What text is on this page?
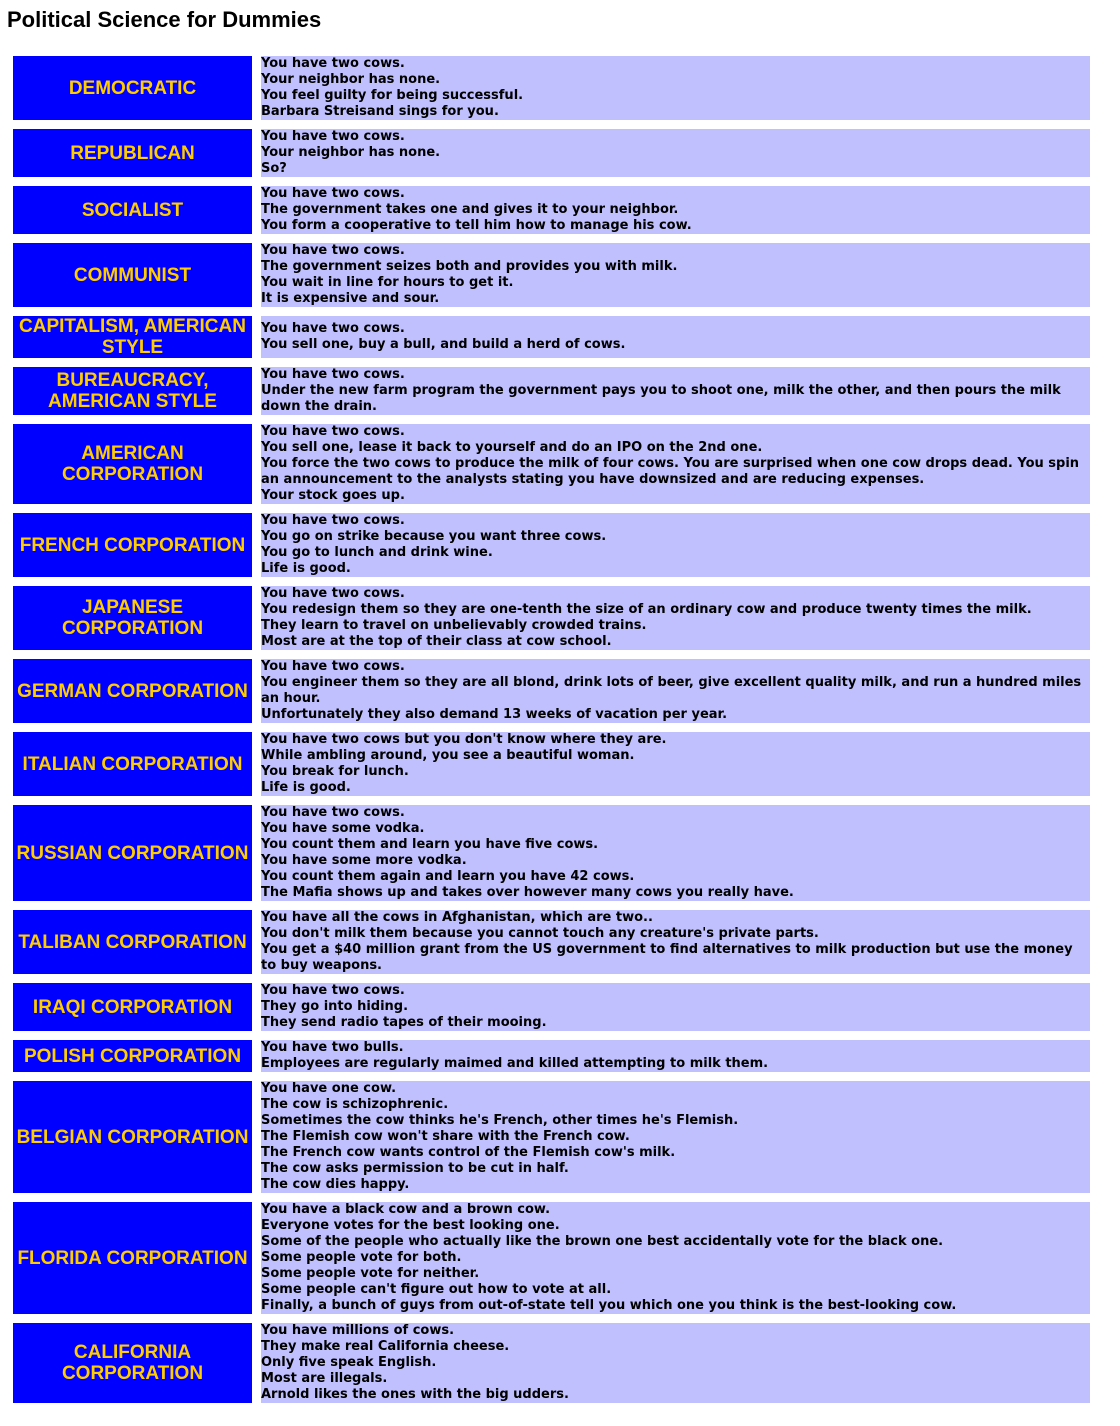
Political Science for Dummies
DEMOCRATIC
You have two cows.
Your neighbor has none.
You feel guilty for being successful.
Barbara Streisand sings for you.
REPUBLICAN
You have two cows.
Your neighbor has none.
So?
SOCIALIST
You have two cows.
The government takes one and gives it to your neighbor.
You form a cooperative to tell him how to manage his cow.
COMMUNIST
You have two cows.
The government seizes both and provides you with milk.
You wait in line for hours to get it.
It is expensive and sour.
CAPITALISM, AMERICAN STYLE
You have two cows.
You sell one, buy a bull, and build a herd of cows.
BUREAUCRACY, AMERICAN STYLE
You have two cows.
Under the new farm program the government pays you to shoot one, milk the other, and then pours the milk down the drain.
AMERICAN CORPORATION
You have two cows.
You sell one, lease it back to yourself and do an IPO on the 2nd one.
You force the two cows to produce the milk of four cows. You are surprised when one cow drops dead. You spin an announcement to the analysts stating you have downsized and are reducing expenses.
Your stock goes up.
FRENCH CORPORATION
You have two cows.
You go on strike because you want three cows.
You go to lunch and drink wine.
Life is good.
JAPANESE CORPORATION
You have two cows.
You redesign them so they are one-tenth the size of an ordinary cow and produce twenty times the milk.
They learn to travel on unbelievably crowded trains.
Most are at the top of their class at cow school.
GERMAN CORPORATION
You have two cows.
You engineer them so they are all blond, drink lots of beer, give excellent quality milk, and run a hundred miles an hour.
Unfortunately they also demand 13 weeks of vacation per year.
ITALIAN CORPORATION
You have two cows but you don't know where they are.
While ambling around, you see a beautiful woman.
You break for lunch.
Life is good.
RUSSIAN CORPORATION
You have two cows.
You have some vodka.
You count them and learn you have five cows.
You have some more vodka.
You count them again and learn you have 42 cows.
The Mafia shows up and takes over however many cows you really have.
TALIBAN CORPORATION
You have all the cows in Afghanistan, which are two..
You don't milk them because you cannot touch any creature's private parts.
You get a $40 million grant from the US government to find alternatives to milk production but use the money to buy weapons.
IRAQI CORPORATION
You have two cows.
They go into hiding.
They send radio tapes of their mooing.
POLISH CORPORATION You have two bulls.
Employees are regularly maimed and killed attempting to milk them.
BELGIAN CORPORATION
You have one cow.
The cow is schizophrenic.
Sometimes the cow thinks he's French, other times he's Flemish.
The Flemish cow won't share with the French cow.
The French cow wants control of the Flemish cow's milk.
The cow asks permission to be cut in half.
The cow dies happy.
FLORIDA CORPORATION
You have a black cow and a brown cow.
Everyone votes for the best looking one.
Some of the people who actually like the brown one best accidentally vote for the black one.
Some people vote for both.
Some people vote for neither.
Some people can't figure out how to vote at all.
Finally, a bunch of guys from out-of-state tell you which one you think is the best-looking cow.
CALIFORNIA CORPORATION
You have millions of cows.
They make real California cheese.
Only five speak English.
Most are illegals.
Arnold likes the ones with the big udders.
